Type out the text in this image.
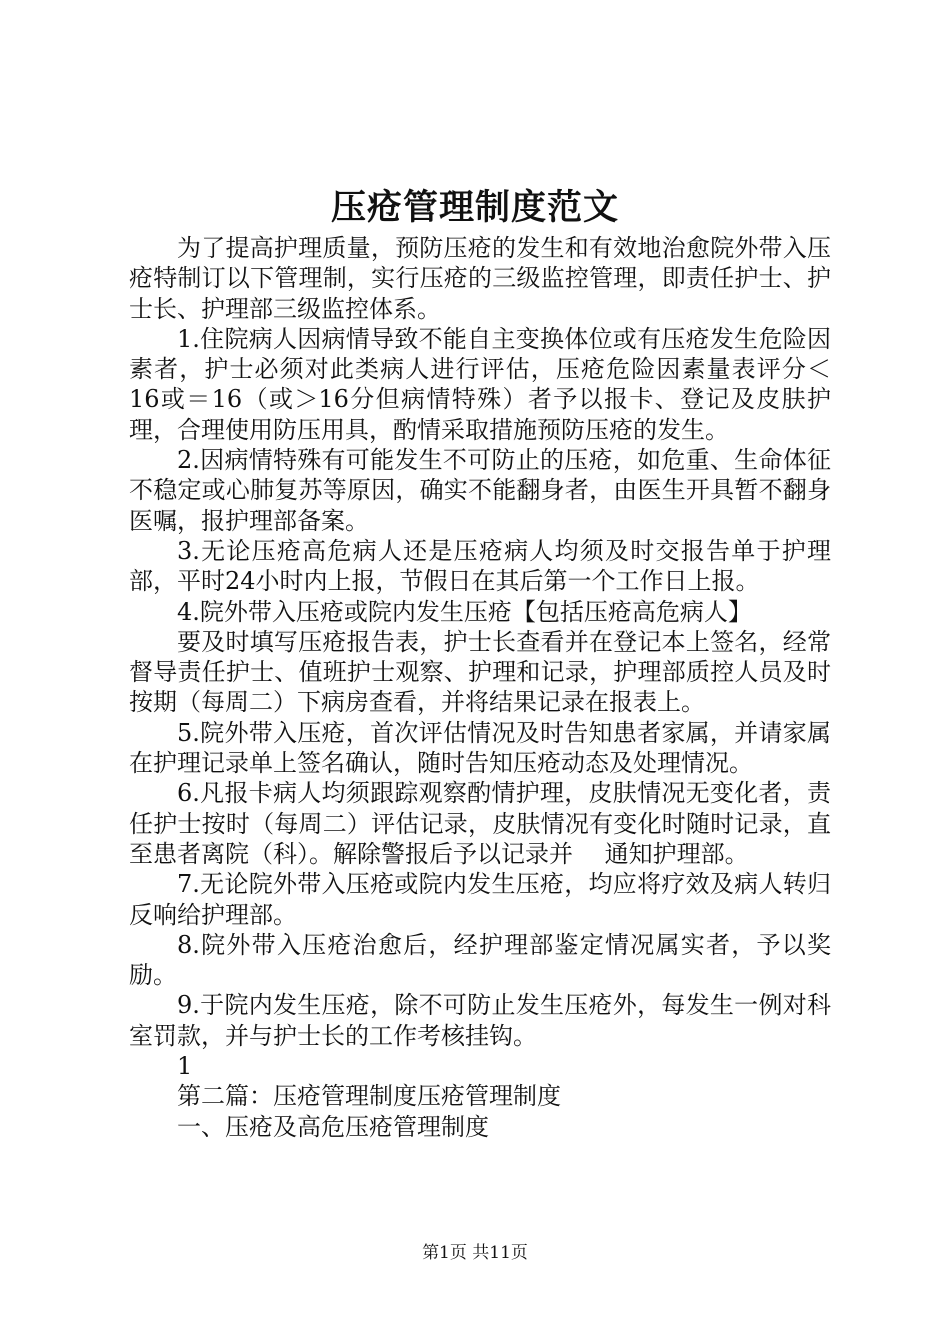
压疮管理制度范文

为了提高护理质量，预防压疮的发生和有效地治愈院外带入压疮特制订以下管理制，实行压疮的三级监控管理，即责任护士、护士长、护理部三级监控体系。

1.住院病人因病情导致不能自主变换体位或有压疮发生危险因素者，护士必须对此类病人进行评估，压疮危险因素量表评分＜16或＝16（或＞16分但病情特殊）者予以报卡、登记及皮肤护理，合理使用防压用具，酌情采取措施预防压疮的发生。

2.因病情特殊有可能发生不可防止的压疮，如危重、生命体征不稳定或心肺复苏等原因，确实不能翻身者，由医生开具暂不翻身医嘱，报护理部备案。

3.无论压疮高危病人还是压疮病人均须及时交报告单于护理部，平时24小时内上报，节假日在其后第一个工作日上报。

4.院外带入压疮或院内发生压疮【包括压疮高危病人】

要及时填写压疮报告表，护士长查看并在登记本上签名，经常督导责任护士、值班护士观察、护理和记录，护理部质控人员及时按期（每周二）下病房查看，并将结果记录在报表上。

5.院外带入压疮，首次评估情况及时告知患者家属，并请家属在护理记录单上签名确认，随时告知压疮动态及处理情况。

6.凡报卡病人均须跟踪观察酌情护理，皮肤情况无变化者，责任护士按时（每周二）评估记录，皮肤情况有变化时随时记录，直至患者离院（科）。解除警报后予以记录并　 通知护理部。

7.无论院外带入压疮或院内发生压疮，均应将疗效及病人转归反响给护理部。

8.院外带入压疮治愈后，经护理部鉴定情况属实者，予以奖励。

9.于院内发生压疮，除不可防止发生压疮外，每发生一例对科室罚款，并与护士长的工作考核挂钩。

1

第二篇：压疮管理制度压疮管理制度

一、压疮及高危压疮管理制度

第1页 共11页
